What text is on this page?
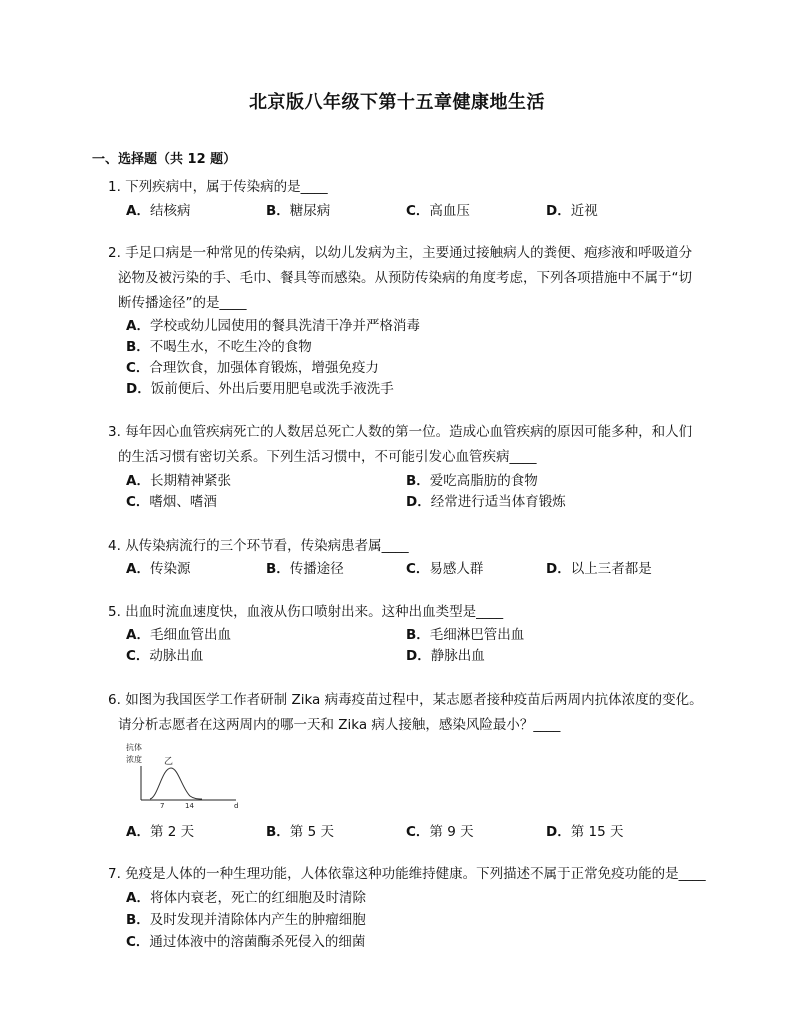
北京版八年级下第十五章健康地生活
一、选择题（共 12 题）
1. 下列疾病中，属于传染病的是____
A．结核病	B．糖尿病	C．高血压	D．近视
2. 手足口病是一种常见的传染病，以幼儿发病为主，主要通过接触病人的粪便、疱疹液和呼吸道分
泌物及被污染的手、毛巾、餐具等而感染。从预防传染病的角度考虑，下列各项措施中不属于“切
断传播途径”的是____
A．学校或幼儿园使用的餐具洗清干净并严格消毒
B．不喝生水，不吃生冷的食物
C．合理饮食，加强体育锻炼，增强免疫力
D．饭前便后、外出后要用肥皂或洗手液洗手
3. 每年因心血管疾病死亡的人数居总死亡人数的第一位。造成心血管疾病的原因可能多种，和人们
的生活习惯有密切关系。下列生活习惯中，不可能引发心血管疾病____
A．长期精神紧张	B．爱吃高脂肪的食物
C．嗜烟、嗜酒	D．经常进行适当体育锻炼
4. 从传染病流行的三个环节看，传染病患者属____
A．传染源	B．传播途径	C．易感人群	D．以上三者都是
5. 出血时流血速度快，血液从伤口喷射出来。这种出血类型是____
A．毛细血管出血	B．毛细淋巴管出血
C．动脉出血	D．静脉出血
6. 如图为我国医学工作者研制 Zika 病毒疫苗过程中，某志愿者接种疫苗后两周内抗体浓度的变化。
请分析志愿者在这两周内的哪一天和 Zika 病人接触，感染风险最小？____
抗体
浓度 乙
7	14	d
A．第 2 天	B．第 5 天	C．第 9 天	D．第 15 天
7. 免疫是人体的一种生理功能，人体依靠这种功能维持健康。下列描述不属于正常免疫功能的是____
A．将体内衰老，死亡的红细胞及时清除
B．及时发现并清除体内产生的肿瘤细胞
C．通过体液中的溶菌酶杀死侵入的细菌
